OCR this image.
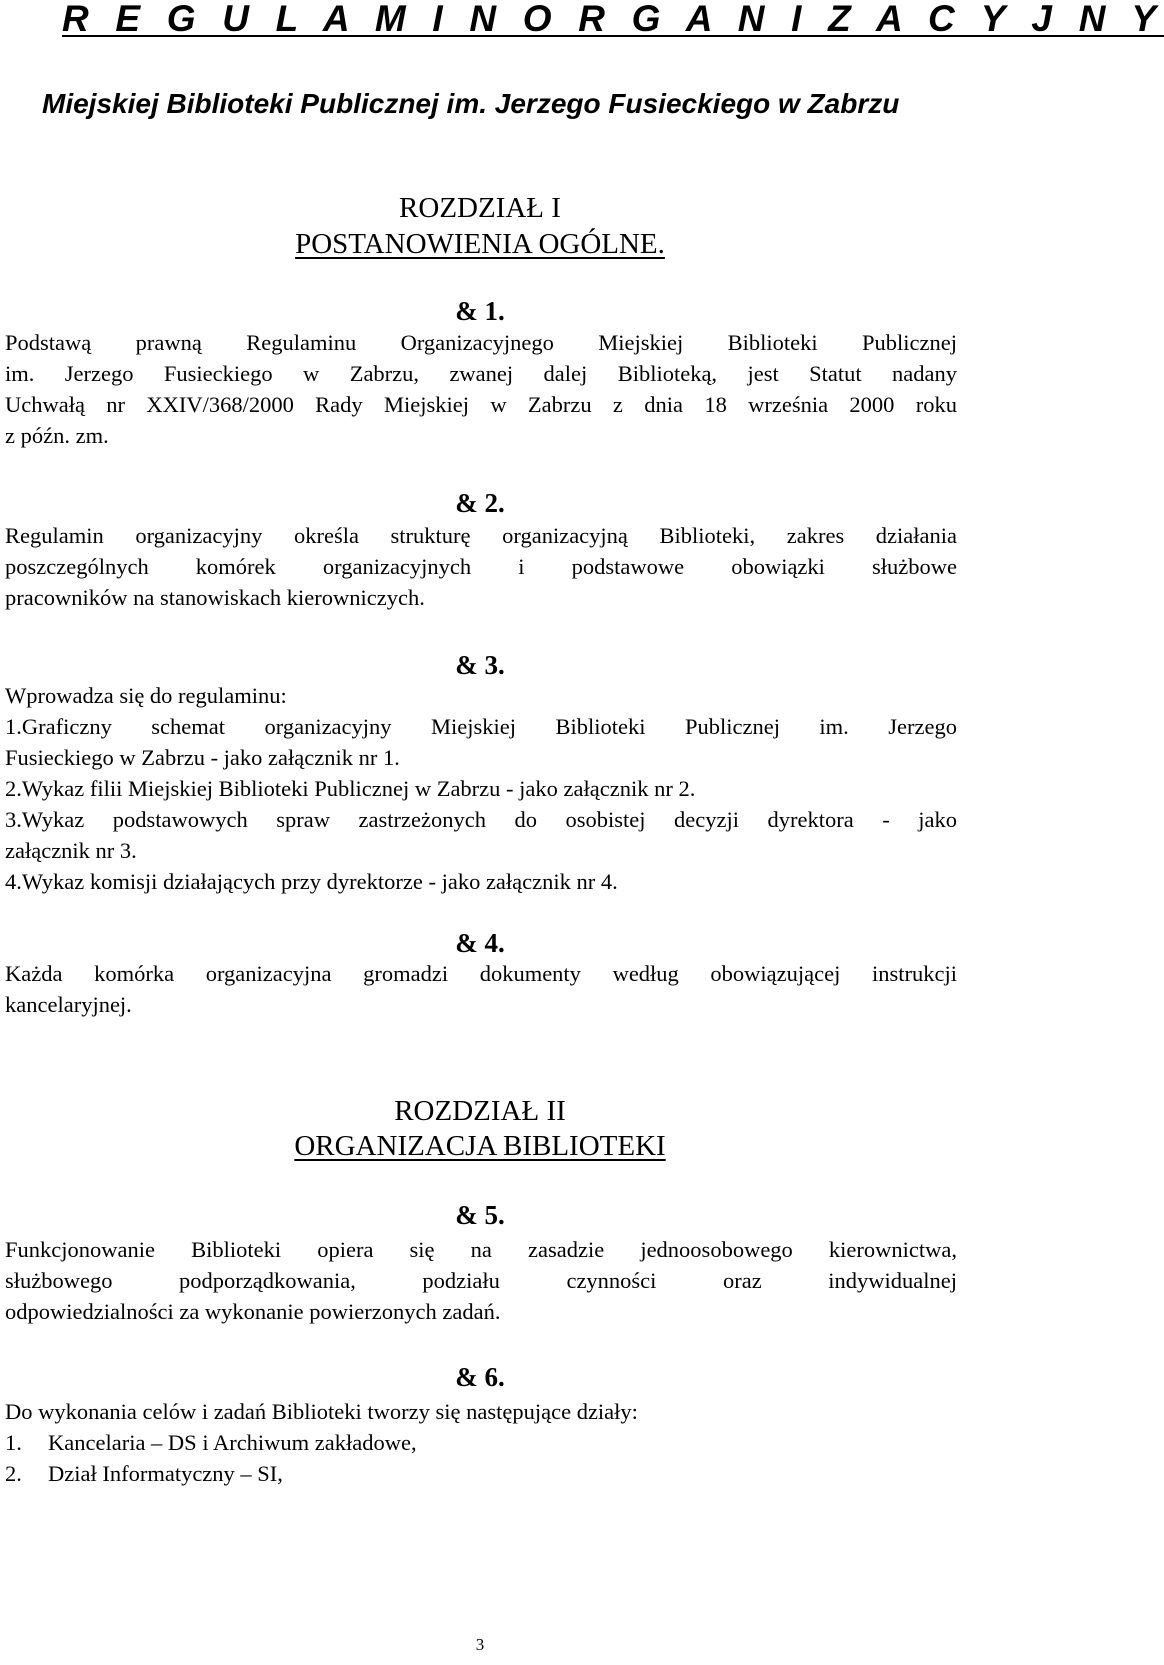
R E G U L A M I N O R G A N I Z A C Y J N Y
Miejskiej Biblioteki Publicznej im. Jerzego Fusieckiego w Zabrzu
ROZDZIAŁ I
POSTANOWIENIA OGÓLNE.
& 1.
Podstawą prawną Regulaminu Organizacyjnego Miejskiej Biblioteki Publicznej
im. Jerzego Fusieckiego w Zabrzu, zwanej dalej Biblioteką, jest Statut nadany
Uchwałą nr XXIV/368/2000 Rady Miejskiej w Zabrzu z dnia 18 września 2000 roku
z późn. zm.
& 2.
Regulamin organizacyjny określa strukturę organizacyjną Biblioteki, zakres działania
poszczególnych komórek organizacyjnych i podstawowe obowiązki służbowe
pracowników na stanowiskach kierowniczych.
& 3.
Wprowadza się do regulaminu:
1.Graficzny schemat organizacyjny Miejskiej Biblioteki Publicznej im. Jerzego
Fusieckiego w Zabrzu - jako załącznik nr 1.
2.Wykaz filii Miejskiej Biblioteki Publicznej w Zabrzu - jako załącznik nr 2.
3.Wykaz podstawowych spraw zastrzeżonych do osobistej decyzji dyrektora - jako
załącznik nr 3.
4.Wykaz komisji działających przy dyrektorze - jako załącznik nr 4.
& 4.
Każda komórka organizacyjna gromadzi dokumenty według obowiązującej instrukcji
kancelaryjnej.
ROZDZIAŁ II
ORGANIZACJA BIBLIOTEKI
& 5.
Funkcjonowanie Biblioteki opiera się na zasadzie jednoosobowego kierownictwa,
służbowego podporządkowania, podziału czynności oraz indywidualnej
odpowiedzialności za wykonanie powierzonych zadań.
& 6.
Do wykonania celów i zadań Biblioteki tworzy się następujące działy:
1. Kancelaria – DS i Archiwum zakładowe,
2. Dział Informatyczny – SI,
3
